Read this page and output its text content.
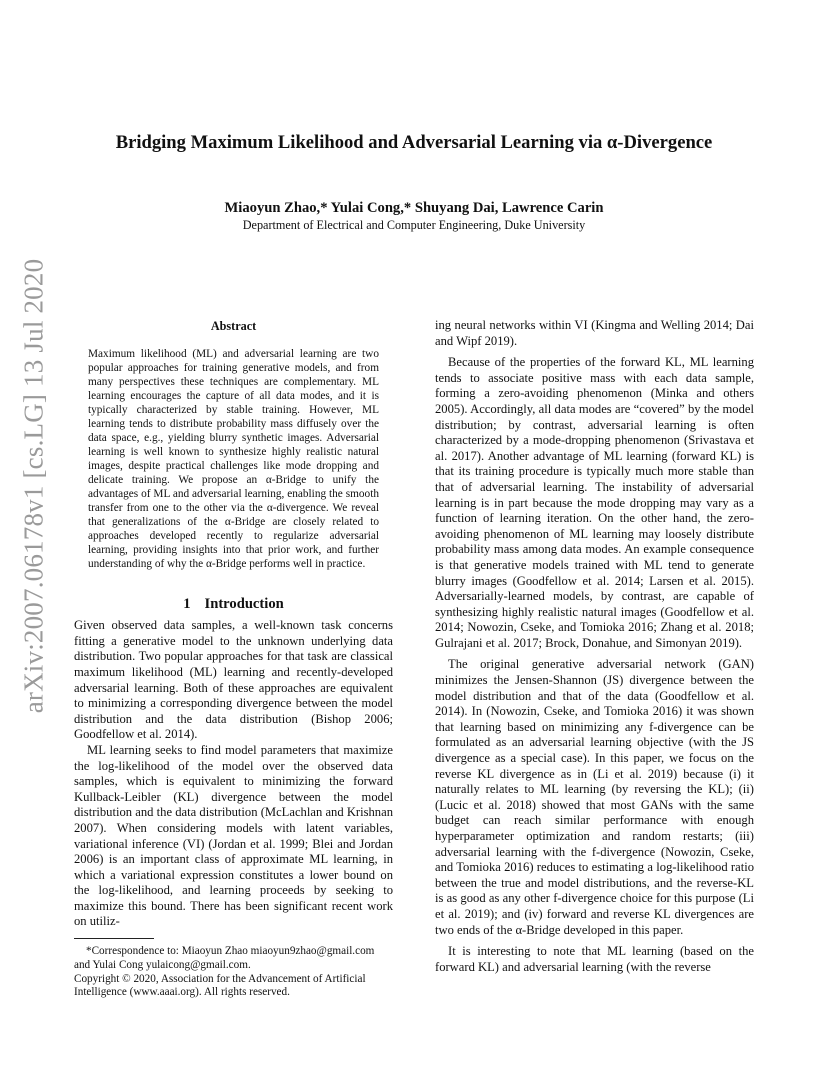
arXiv:2007.06178v1 [cs.LG] 13 Jul 2020
Bridging Maximum Likelihood and Adversarial Learning via α-Divergence
Miaoyun Zhao,* Yulai Cong,* Shuyang Dai, Lawrence Carin
Department of Electrical and Computer Engineering, Duke University
Abstract

Maximum likelihood (ML) and adversarial learning are two popular approaches for training generative models, and from many perspectives these techniques are complementary. ML learning encourages the capture of all data modes, and it is typically characterized by stable training. However, ML learning tends to distribute probability mass diffusely over the data space, e.g., yielding blurry synthetic images. Adversarial learning is well known to synthesize highly realistic natural images, despite practical challenges like mode dropping and delicate training. We propose an α-Bridge to unify the advantages of ML and adversarial learning, enabling the smooth transfer from one to the other via the α-divergence. We reveal that generalizations of the α-Bridge are closely related to approaches developed recently to regularize adversarial learning, providing insights into that prior work, and further understanding of why the α-Bridge performs well in practice.

1 Introduction

Given observed data samples, a well-known task concerns fitting a generative model to the unknown underlying data distribution. Two popular approaches for that task are classical maximum likelihood (ML) learning and recently-developed adversarial learning. Both of these approaches are equivalent to minimizing a corresponding divergence between the model distribution and the data distribution (Bishop 2006; Goodfellow et al. 2014).

ML learning seeks to find model parameters that maximize the log-likelihood of the model over the observed data samples, which is equivalent to minimizing the forward Kullback-Leibler (KL) divergence between the model distribution and the data distribution (McLachlan and Krishnan 2007). When considering models with latent variables, variational inference (VI) (Jordan et al. 1999; Blei and Jordan 2006) is an important class of approximate ML learning, in which a variational expression constitutes a lower bound on the log-likelihood, and learning proceeds by seeking to maximize this bound. There has been significant recent work on utiliz-

*Correspondence to: Miaoyun Zhao miaoyun9zhao@gmail.com and Yulai Cong yulaicong@gmail.com.

Copyright © 2020, Association for the Advancement of Artificial Intelligence (www.aaai.org). All rights reserved.

ing neural networks within VI (Kingma and Welling 2014; Dai and Wipf 2019).

Because of the properties of the forward KL, ML learning tends to associate positive mass with each data sample, forming a zero-avoiding phenomenon (Minka and others 2005). Accordingly, all data modes are “covered” by the model distribution; by contrast, adversarial learning is often characterized by a mode-dropping phenomenon (Srivastava et al. 2017). Another advantage of ML learning (forward KL) is that its training procedure is typically much more stable than that of adversarial learning. The instability of adversarial learning is in part because the mode dropping may vary as a function of learning iteration. On the other hand, the zero-avoiding phenomenon of ML learning may loosely distribute probability mass among data modes. An example consequence is that generative models trained with ML tend to generate blurry images (Goodfellow et al. 2014; Larsen et al. 2015). Adversarially-learned models, by contrast, are capable of synthesizing highly realistic natural images (Goodfellow et al. 2014; Nowozin, Cseke, and Tomioka 2016; Zhang et al. 2018; Gulrajani et al. 2017; Brock, Donahue, and Simonyan 2019).

The original generative adversarial network (GAN) minimizes the Jensen-Shannon (JS) divergence between the model distribution and that of the data (Goodfellow et al. 2014). In (Nowozin, Cseke, and Tomioka 2016) it was shown that learning based on minimizing any f-divergence can be formulated as an adversarial learning objective (with the JS divergence as a special case). In this paper, we focus on the reverse KL divergence as in (Li et al. 2019) because (i) it naturally relates to ML learning (by reversing the KL); (ii) (Lucic et al. 2018) showed that most GANs with the same budget can reach similar performance with enough hyperparameter optimization and random restarts; (iii) adversarial learning with the f-divergence (Nowozin, Cseke, and Tomioka 2016) reduces to estimating a log-likelihood ratio between the true and model distributions, and the reverse-KL is as good as any other f-divergence choice for this purpose (Li et al. 2019); and (iv) forward and reverse KL divergences are two ends of the α-Bridge developed in this paper.

It is interesting to note that ML learning (based on the forward KL) and adversarial learning (with the reverse
